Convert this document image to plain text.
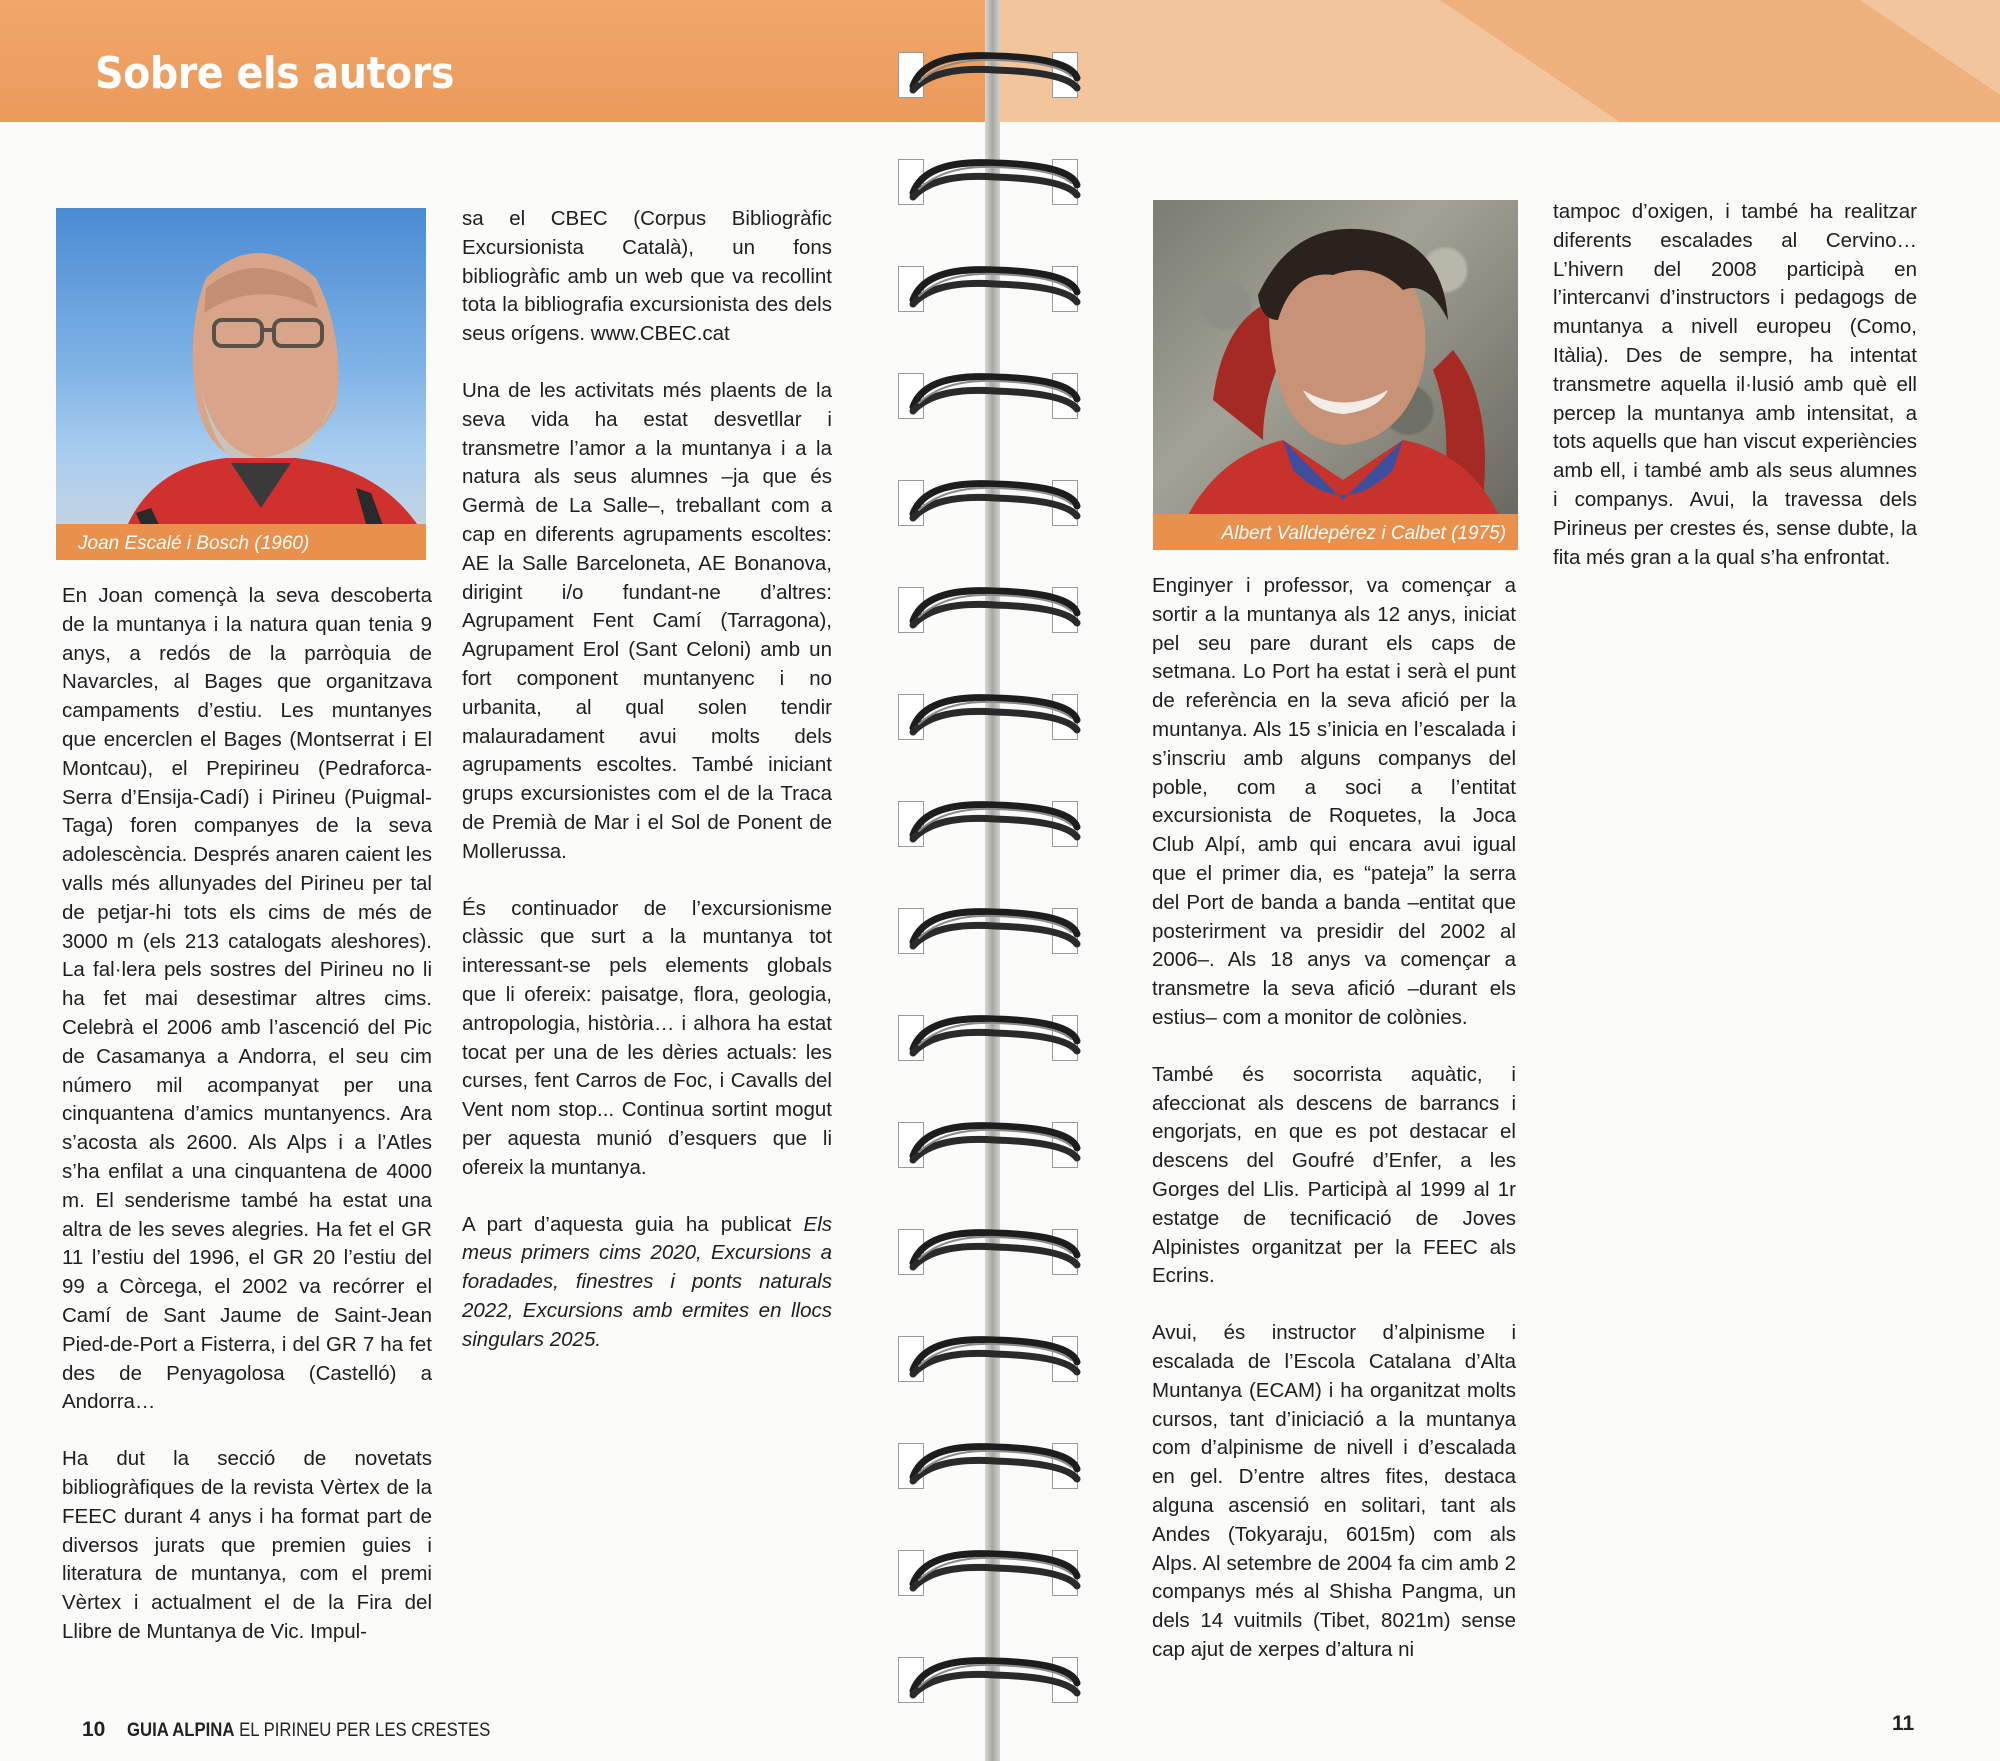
Sobre els autors

Joan Escalé i Bosch (1960)

En Joan començà la seva descoberta de la muntanya i la natura quan tenia 9 anys, a redós de la parròquia de Navarcles, al Bages que organitzava campaments d’estiu. Les muntanyes que encerclen el Bages (Montserrat i El Montcau), el Prepirineu (Pedraforca-Serra d’Ensija-Cadí) i Pirineu (Puigmal-Taga) foren companyes de la seva adolescència. Després anaren caient les valls més allunyades del Pirineu per tal de petjar-hi tots els cims de més de 3000 m (els 213 catalogats aleshores). La fal·lera pels sostres del Pirineu no li ha fet mai desestimar altres cims. Celebrà el 2006 amb l’ascenció del Pic de Casamanya a Andorra, el seu cim número mil acompanyat per una cinquantena d’amics muntanyencs. Ara s’acosta als 2600. Als Alps i a l’Atles s’ha enfilat a una cinquantena de 4000 m. El senderisme també ha estat una altra de les seves alegries. Ha fet el GR 11 l’estiu del 1996, el GR 20 l’estiu del 99 a Còrcega, el 2002 va recórrer el Camí de Sant Jaume de Saint-Jean Pied-de-Port a Fisterra, i del GR 7 ha fet des de Penyagolosa (Castelló) a Andorra…

Ha dut la secció de novetats bibliogràfiques de la revista Vèrtex de la FEEC durant 4 anys i ha format part de diversos jurats que premien guies i literatura de muntanya, com el premi Vèrtex i actualment el de la Fira del Llibre de Muntanya de Vic. Impul-

sa el CBEC (Corpus Bibliogràfic Excursionista Català), un fons bibliogràfic amb un web que va recollint tota la bibliografia excursionista des dels seus orígens. www.CBEC.cat

Una de les activitats més plaents de la seva vida ha estat desvetllar i transmetre l’amor a la muntanya i a la natura als seus alumnes –ja que és Germà de La Salle–, treballant com a cap en diferents agrupaments escoltes: AE la Salle Barceloneta, AE Bonanova, dirigint i/o fundant-ne d’altres: Agrupament Fent Camí (Tarragona), Agrupament Erol (Sant Celoni) amb un fort component muntanyenc i no urbanita, al qual solen tendir malauradament avui molts dels agrupaments escoltes. També iniciant grups excursionistes com el de la Traca de Premià de Mar i el Sol de Ponent de Mollerussa.

És continuador de l’excursionisme clàssic que surt a la muntanya tot interessant-se pels elements globals que li ofereix: paisatge, flora, geologia, antropologia, història… i alhora ha estat tocat per una de les dèries actuals: les curses, fent Carros de Foc, i Cavalls del Vent nom stop... Continua sortint mogut per aquesta munió d’esquers que li ofereix la muntanya.

A part d’aquesta guia ha publicat Els meus primers cims 2020, Excursions a foradades, finestres i ponts naturals 2022, Excursions amb ermites en llocs singulars 2025.

10 GUIA ALPINA EL PIRINEU PER LES CRESTES

Albert Valldepérez i Calbet (1975)

Enginyer i professor, va començar a sortir a la muntanya als 12 anys, iniciat pel seu pare durant els caps de setmana. Lo Port ha estat i serà el punt de referència en la seva afició per la muntanya. Als 15 s’inicia en l’escalada i s’inscriu amb alguns companys del poble, com a soci a l’entitat excursionista de Roquetes, la Joca Club Alpí, amb qui encara avui igual que el primer dia, es “pateja” la serra del Port de banda a banda –entitat que posterirment va presidir del 2002 al 2006–. Als 18 anys va començar a transmetre la seva afició –durant els estius– com a monitor de colònies.

També és socorrista aquàtic, i afeccionat als descens de barrancs i engorjats, en que es pot destacar el descens del Goufré d’Enfer, a les Gorges del Llis. Participà al 1999 al 1r estatge de tecnificació de Joves Alpinistes organitzat per la FEEC als Ecrins.

Avui, és instructor d’alpinisme i escalada de l’Escola Catalana d’Alta Muntanya (ECAM) i ha organitzat molts cursos, tant d’iniciació a la muntanya com d’alpinisme de nivell i d’escalada en gel. D’entre altres fites, destaca alguna ascensió en solitari, tant als Andes (Tokyaraju, 6015m) com als Alps. Al setembre de 2004 fa cim amb 2 companys més al Shisha Pangma, un dels 14 vuitmils (Tibet, 8021m) sense cap ajut de xerpes d’altura ni

tampoc d’oxigen, i també ha realitzar diferents escalades al Cervino… L’hivern del 2008 participà en l’intercanvi d’instructors i pedagogs de muntanya a nivell europeu (Como, Itàlia). Des de sempre, ha intentat transmetre aquella il·lusió amb què ell percep la muntanya amb intensitat, a tots aquells que han viscut experiències amb ell, i també amb als seus alumnes i companys. Avui, la travessa dels Pirineus per crestes és, sense dubte, la fita més gran a la qual s’ha enfrontat.

11
